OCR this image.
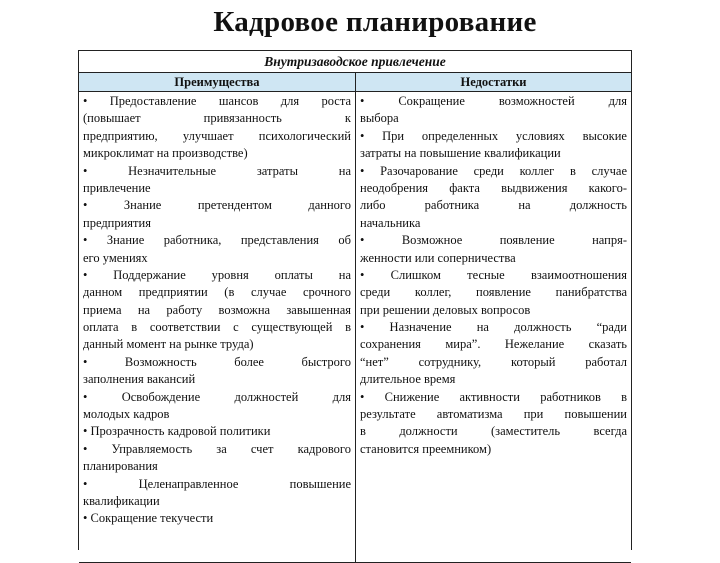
Кадровое планирование
Внутризаводское привлечение
Преимущества	Недостатки
• Предоставление шансов для роста
(повышает привязанность к
предприятию, улучшает психологический
микроклимат на производстве)
• Незначительные затраты на
привлечение
• Знание претендентом данного
предприятия
• Знание работника, представления об
его умениях
• Поддержание уровня оплаты на
данном предприятии (в случае срочного
приема на работу возможна завышенная
оплата в соответствии с существующей в
данный момент на рынке труда)
• Возможность более быстрого
заполнения вакансий
• Освобождение должностей для
молодых кадров
• Прозрачность кадровой политики
• Управляемость за счет кадрового
планирования
• Целенаправленное повышение
квалификации
• Сокращение текучести
• Сокращение возможностей для
выбора
• При определенных условиях высокие
затраты на повышение квалификации
• Разочарование среди коллег в случае
неодобрения факта выдвижения какого-
либо работника на должность
начальника
• Возможное появление напря-
женности или соперничества
• Слишком тесные взаимоотношения
среди коллег, появление панибратства
при решении деловых вопросов
• Назначение на должность “ради
сохранения мира”. Нежелание сказать
“нет” сотруднику, который работал
длительное время
• Снижение активности работников в
результате автоматизма при повышении
в должности (заместитель всегда
становится преемником)
